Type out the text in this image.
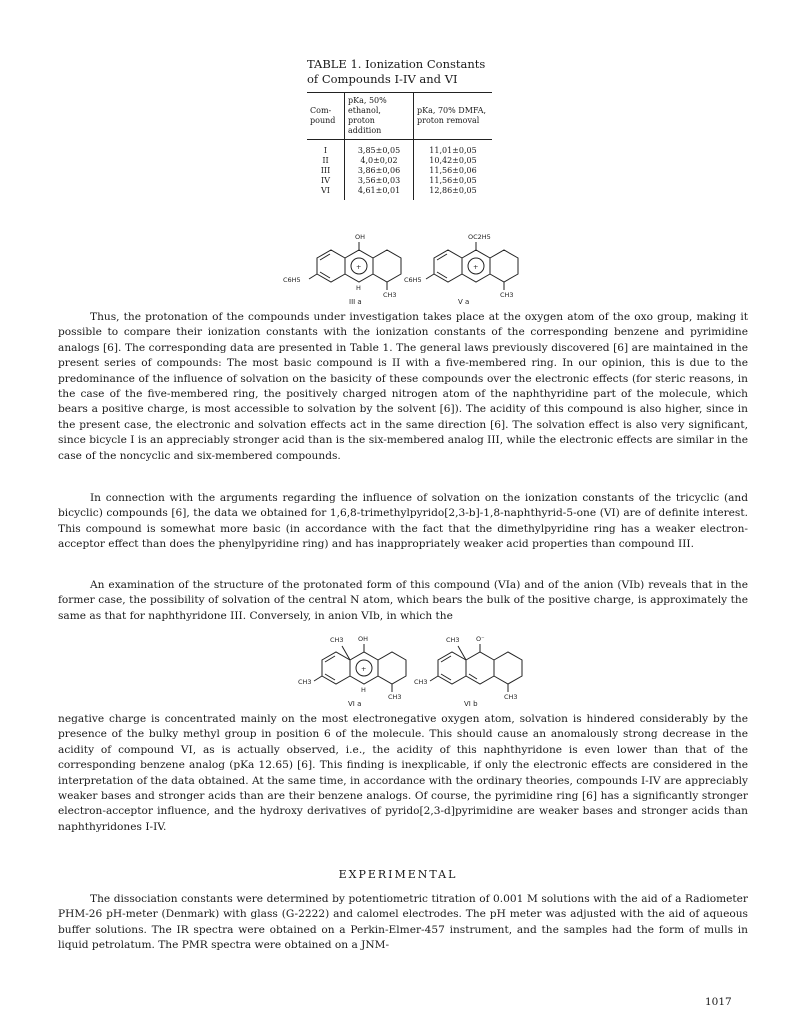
TABLE 1. Ionization Constants
of Compounds I-IV and VI
Com-pound	pKa, 50% ethanol, proton addition	pKa, 70% DMFA, proton removal
I	3,85±0,05	11,01±0,05
II	4,0±0,02	10,42±0,05
III	3,86±0,06	11,56±0,06
IV	3,56±0,03	11,56±0,05
VI	4,61±0,01	12,86±0,05
OH
C6H5
+
H
CH3
III a
OC2H5
C6H5
+
CH3
V a
CH3 OH
CH3
+
H
CH3
VI a
CH3	O⁻
CH3
CH3
VI b

Thus, the protonation of the compounds under investigation takes place at the oxygen atom of the oxo group, making it possible to compare their ionization constants with the ionization constants of the corresponding benzene and pyrimidine analogs [6]. The corresponding data are presented in Table 1. The general laws previously discovered [6] are maintained in the present series of compounds: The most basic compound is II with a five-membered ring. In our opinion, this is due to the predominance of the influence of solvation on the basicity of these compounds over the electronic effects (for steric reasons, in the case of the five-membered ring, the positively charged nitrogen atom of the naphthyridine part of the molecule, which bears a positive charge, is most accessible to solvation by the solvent [6]). The acidity of this compound is also higher, since in the present case, the electronic and solvation effects act in the same direction [6]. The solvation effect is also very significant, since bicycle I is an appreciably stronger acid than is the six-membered analog III, while the electronic effects are similar in the case of the noncyclic and six-membered compounds.

In connection with the arguments regarding the influence of solvation on the ionization constants of the tricyclic (and bicyclic) compounds [6], the data we obtained for 1,6,8-trimethylpyrido[2,3-b]-1,8-naphthyrid-5-one (VI) are of definite interest. This compound is somewhat more basic (in accordance with the fact that the dimethylpyridine ring has a weaker electron-acceptor effect than does the phenylpyridine ring) and has inappropriately weaker acid properties than compound III.

An examination of the structure of the protonated form of this compound (VIa) and of the anion (VIb) reveals that in the former case, the possibility of solvation of the central N atom, which bears the bulk of the positive charge, is approximately the same as that for naphthyridone III. Conversely, in anion VIb, in which the

negative charge is concentrated mainly on the most electronegative oxygen atom, solvation is hindered considerably by the presence of the bulky methyl group in position 6 of the molecule. This should cause an anomalously strong decrease in the acidity of compound VI, as is actually observed, i.e., the acidity of this naphthyridone is even lower than that of the corresponding benzene analog (pKa 12.65) [6]. This finding is inexplicable, if only the electronic effects are considered in the interpretation of the data obtained. At the same time, in accordance with the ordinary theories, compounds I-IV are appreciably weaker bases and stronger acids than are their benzene analogs. Of course, the pyrimidine ring [6] has a significantly stronger electron-acceptor influence, and the hydroxy derivatives of pyrido[2,3-d]pyrimidine are weaker bases and stronger acids than naphthyridones I-IV.

EXPERIMENTAL

The dissociation constants were determined by potentiometric titration of 0.001 M solutions with the aid of a Radiometer PHM-26 pH-meter (Denmark) with glass (G-2222) and calomel electrodes. The pH meter was adjusted with the aid of aqueous buffer solutions. The IR spectra were obtained on a Perkin-Elmer-457 instrument, and the samples had the form of mulls in liquid petrolatum. The PMR spectra were obtained on a JNM-

1017
